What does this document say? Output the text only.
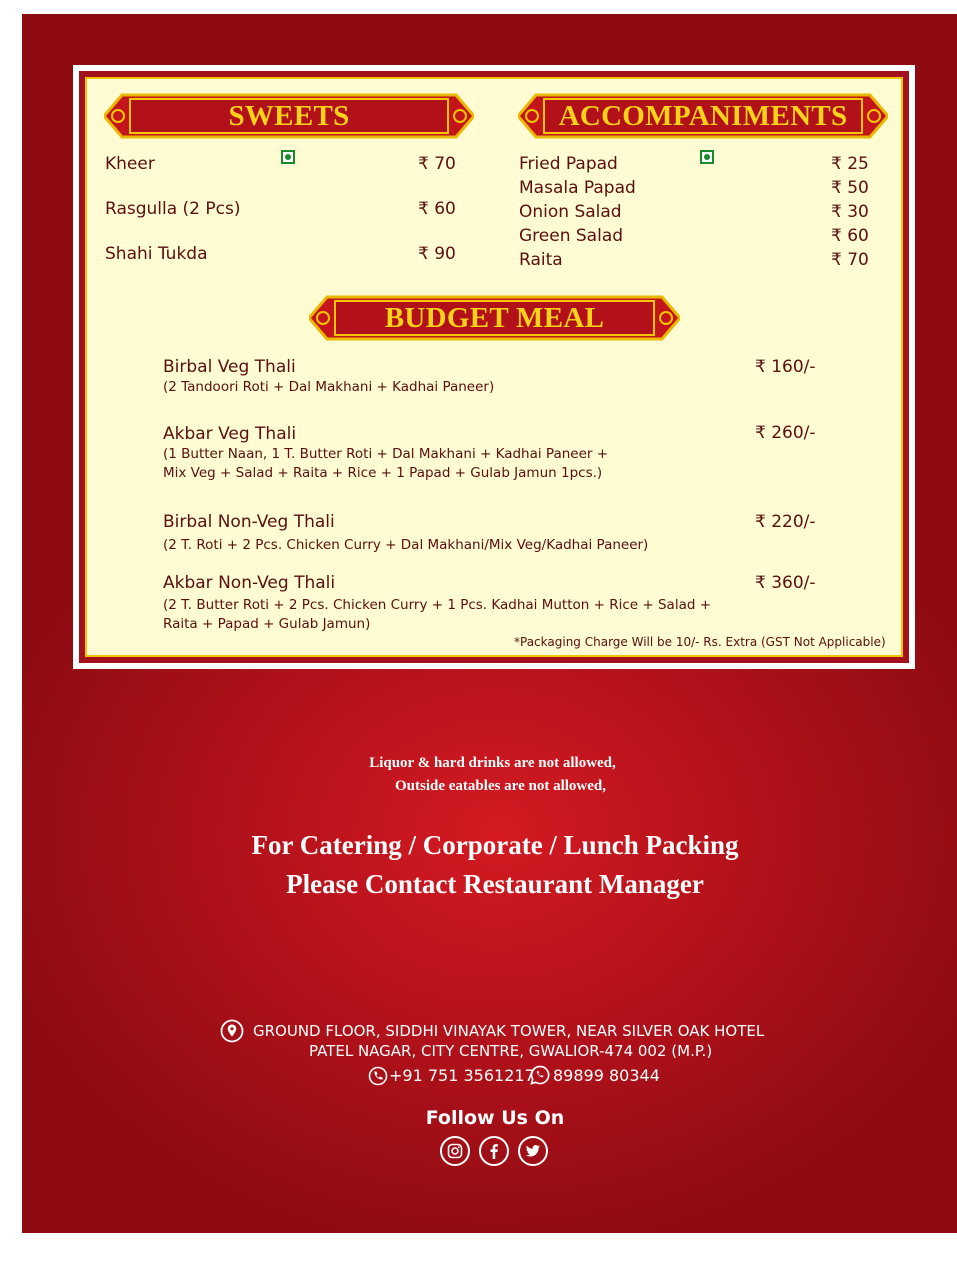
SWEETS	ACCOMPANIMENTS
BUDGET MEAL
Kheer	₹ 70
Rasgulla (2 Pcs)	₹ 60
Shahi Tukda	₹ 90
Fried Papad	₹ 25
Masala Papad	₹ 50
Onion Salad	₹ 30
Green Salad	₹ 60
Raita	₹ 70
Birbal Veg Thali	₹ 160/-
(2 Tandoori Roti + Dal Makhani + Kadhai Paneer)
Akbar Veg Thali	₹ 260/-
(1 Butter Naan, 1 T. Butter Roti + Dal Makhani + Kadhai Paneer +
Mix Veg + Salad + Raita + Rice + 1 Papad + Gulab Jamun 1pcs.)
Birbal Non-Veg Thali	₹ 220/-
(2 T. Roti + 2 Pcs. Chicken Curry + Dal Makhani/Mix Veg/Kadhai Paneer)
Akbar Non-Veg Thali	₹ 360/-
(2 T. Butter Roti + 2 Pcs. Chicken Curry + 1 Pcs. Kadhai Mutton + Rice + Salad +
Raita + Papad + Gulab Jamun)
*Packaging Charge Will be 10/- Rs. Extra (GST Not Applicable)
Liquor & hard drinks are not allowed,
Outside eatables are not allowed,
For Catering / Corporate / Lunch Packing
Please Contact Restaurant Manager
GROUND FLOOR, SIDDHI VINAYAK TOWER, NEAR SILVER OAK HOTEL
PATEL NAGAR, CITY CENTRE, GWALIOR-474 002 (M.P.)
+91 751 3561217 89899 80344
Follow Us On
